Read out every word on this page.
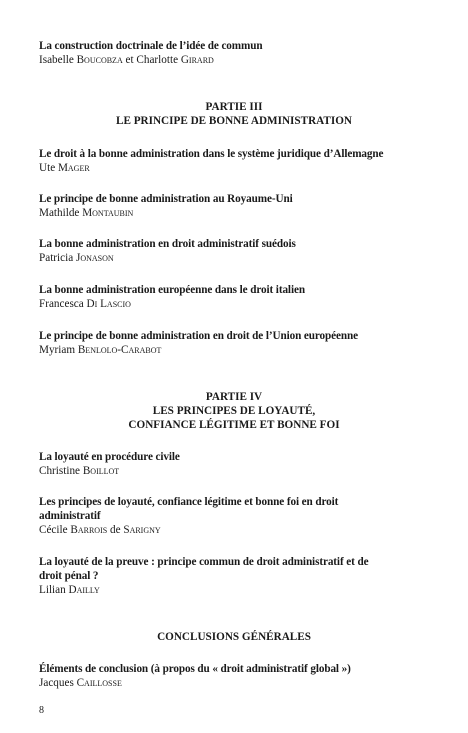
La construction doctrinale de l’idée de commun
Isabelle Boucobza et Charlotte Girard
PARTIE III
LE PRINCIPE DE BONNE ADMINISTRATION
Le droit à la bonne administration dans le système juridique d’Allemagne
Ute Mager
Le principe de bonne administration au Royaume-Uni
Mathilde Montaubin
La bonne administration en droit administratif suédois
Patricia Jonason
La bonne administration européenne dans le droit italien
Francesca Di Lascio
Le principe de bonne administration en droit de l’Union européenne
Myriam Benlolo-Carabot
PARTIE IV
LES PRINCIPES DE LOYAUTÉ,
CONFIANCE LÉGITIME ET BONNE FOI
La loyauté en procédure civile
Christine Boillot
Les principes de loyauté, confiance légitime et bonne foi en droit administratif
Cécile Barrois de Sarigny
La loyauté de la preuve : principe commun de droit administratif et de droit pénal ?
Lilian Dailly
CONCLUSIONS GÉNÉRALES
Éléments de conclusion (à propos du « droit administratif global »)
Jacques Caillosse
8
